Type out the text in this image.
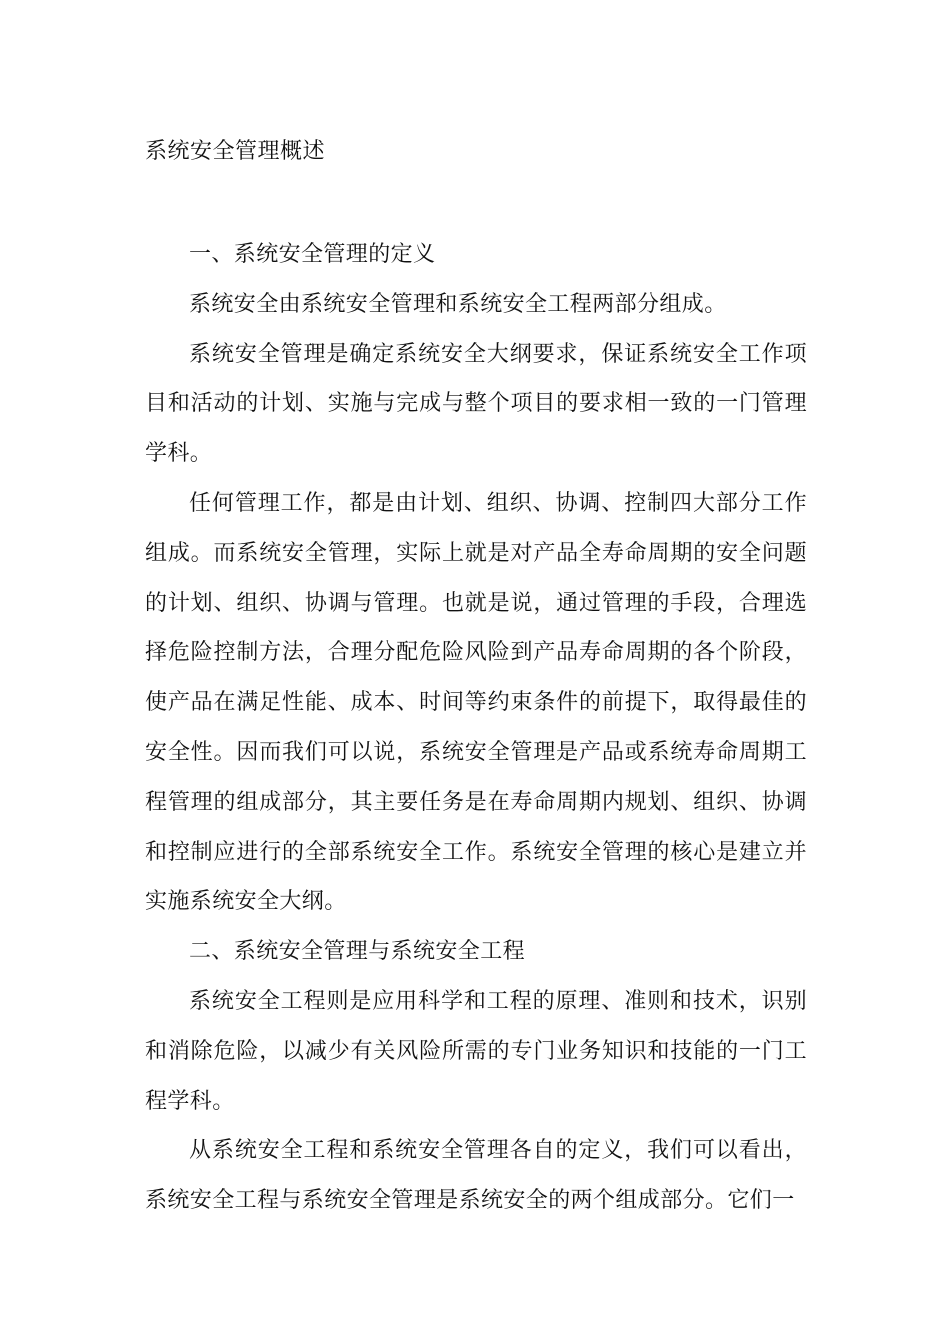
系统安全管理概述

一、系统安全管理的定义

系统安全由系统安全管理和系统安全工程两部分组成。

系统安全管理是确定系统安全大纲要求，保证系统安全工作项目和活动的计划、实施与完成与整个项目的要求相一致的一门管理学科。

任何管理工作，都是由计划、组织、协调、控制四大部分工作组成。而系统安全管理，实际上就是对产品全寿命周期的安全问题的计划、组织、协调与管理。也就是说，通过管理的手段，合理选择危险控制方法，合理分配危险风险到产品寿命周期的各个阶段，使产品在满足性能、成本、时间等约束条件的前提下，取得最佳的安全性。因而我们可以说，系统安全管理是产品或系统寿命周期工程管理的组成部分，其主要任务是在寿命周期内规划、组织、协调和控制应进行的全部系统安全工作。系统安全管理的核心是建立并实施系统安全大纲。

二、系统安全管理与系统安全工程

系统安全工程则是应用科学和工程的原理、准则和技术，识别和消除危险，以减少有关风险所需的专门业务知识和技能的一门工程学科。

从系统安全工程和系统安全管理各自的定义，我们可以看出，系统安全工程与系统安全管理是系统安全的两个组成部分。它们一
